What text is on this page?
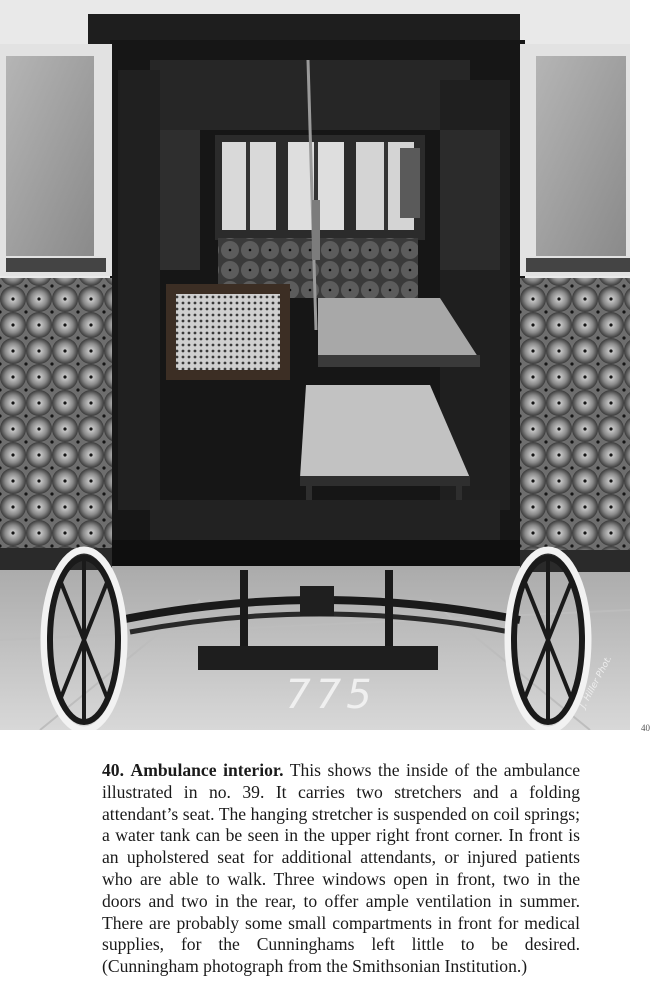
775	J. Hiller Phot.
40

40. Ambulance interior. This shows the inside of the ambulance illustrated in no. 39. It carries two stretchers and a folding attendant’s seat. The hanging stretcher is suspended on coil springs; a water tank can be seen in the upper right front corner. In front is an upholstered seat for additional attendants, or injured patients who are able to walk. Three windows open in front, two in the doors and two in the rear, to offer ample ventilation in summer. There are probably some small compartments in front for medical supplies, for the Cunninghams left little to be desired. (Cunningham photograph from the Smithsonian Institution.)
